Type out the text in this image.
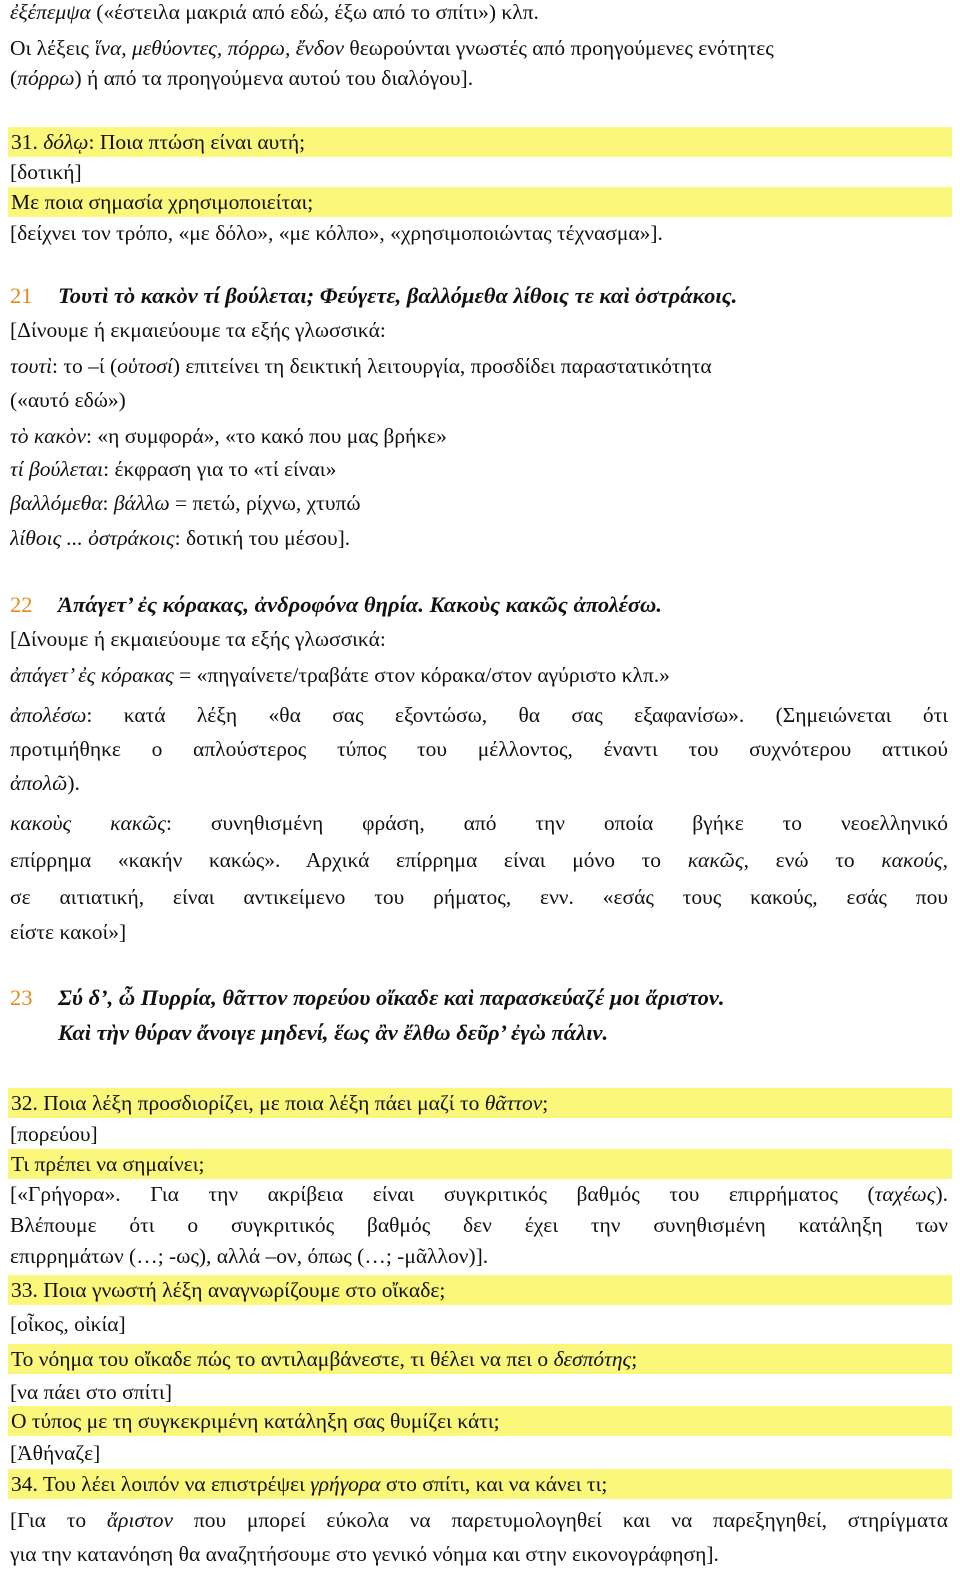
ἐξέπεμψα («έστειλα μακριά από εδώ, έξω από το σπίτι») κλπ.
Οι λέξεις ἵνα, μεθύοντες, πόρρω, ἔνδον θεωρούνται γνωστές από προηγούμενες ενότητες
(πόρρω) ή από τα προηγούμενα αυτού του διαλόγου].
31. δόλῳ: Ποια πτώση είναι αυτή;
[δοτική]
Με ποια σημασία χρησιμοποιείται;
[δείχνει τον τρόπο, «με δόλο», «με κόλπο», «χρησιμοποιώντας τέχνασμα»].
21 Τουτὶ τὸ κακὸν τί βούλεται; Φεύγετε, βαλλόμεθα λίθοις τε καὶ ὀστράκοις.
[Δίνουμε ή εκμαιεύουμε τα εξής γλωσσικά:
τουτὶ: το –ί (οὑτοσί) επιτείνει τη δεικτική λειτουργία, προσδίδει παραστατικότητα
(«αυτό εδώ»)
τὸ κακὸν: «η συμφορά», «το κακό που μας βρήκε»
τί βούλεται: έκφραση για το «τί είναι»
βαλλόμεθα: βάλλω = πετώ, ρίχνω, χτυπώ
λίθοις ... ὀστράκοις: δοτική του μέσου].
22 Ἀπάγετ’ ἐς κόρακας, ἀνδροφόνα θηρία. Κακοὺς κακῶς ἀπολέσω.
[Δίνουμε ή εκμαιεύουμε τα εξής γλωσσικά:
ἀπάγετ’ ἐς κόρακας = «πηγαίνετε/τραβάτε στον κόρακα/στον αγύριστο κλπ.»
ἀπολέσω: κατά λέξη «θα σας εξοντώσω, θα σας εξαφανίσω». (Σημειώνεται ότι
προτιμήθηκε ο απλούστερος τύπος του μέλλοντος, έναντι του συχνότερου αττικού
ἀπολῶ).
κακοὺς κακῶς: συνηθισμένη φράση, από την οποία βγήκε το νεοελληνικό
επίρρημα «κακήν κακώς». Αρχικά επίρρημα είναι μόνο το κακῶς, ενώ το κακούς,
σε αιτιατική, είναι αντικείμενο του ρήματος, ενν. «εσάς τους κακούς, εσάς που
είστε κακοί»]
23 Σύ δ’, ὦ Πυρρία, θᾶττον πορεύου οἴκαδε καὶ παρασκεύαζέ μοι ἄριστον.
Καὶ τὴν θύραν ἄνοιγε μηδενί, ἕως ἂν ἔλθω δεῦρ’ ἐγὼ πάλιν.
32. Ποια λέξη προσδιορίζει, με ποια λέξη πάει μαζί το θᾶττον;
[πορεύου]
Τι πρέπει να σημαίνει;
[«Γρήγορα». Για την ακρίβεια είναι συγκριτικός βαθμός του επιρρήματος (ταχέως).
Βλέπουμε ότι ο συγκριτικός βαθμός δεν έχει την συνηθισμένη κατάληξη των
επιρρημάτων (…; -ως), αλλά –ον, όπως (…; -μᾶλλον)].
33. Ποια γνωστή λέξη αναγνωρίζουμε στο οἴκαδε;
[οἶκος, οἰκία]
Το νόημα του οἴκαδε πώς το αντιλαμβάνεστε, τι θέλει να πει ο δεσπότης;
[να πάει στο σπίτι]
Ο τύπος με τη συγκεκριμένη κατάληξη σας θυμίζει κάτι;
[Ἀθήναζε]
34. Του λέει λοιπόν να επιστρέψει γρήγορα στο σπίτι, και να κάνει τι;
[Για το ἄριστον που μπορεί εύκολα να παρετυμολογηθεί και να παρεξηγηθεί, στηρίγματα
για την κατανόηση θα αναζητήσουμε στο γενικό νόημα και στην εικονογράφηση].
